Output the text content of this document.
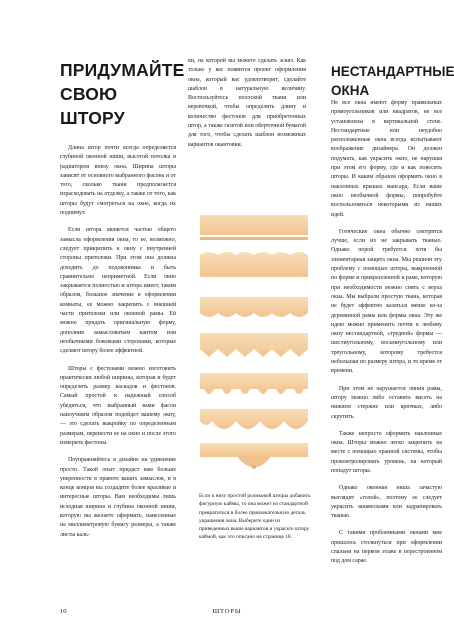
ПРИДУМАЙТЕ
СВОЮ
ШТОРУ

Длина штор почти всегда определяется глубиной оконной ниши, высотой потолка и радиатором внизу окна. Ширина шторы зависит от основного выбранного фасона и от того, сколько ткани предполагается израсходовать на отделку, а также от того, как шторы будут смотреться на окне, когда их поднимут.

Если штора является частью общего замысла оформления окна, то ее, возможно, следует прикрепить к окну с внутренней стороны притолоки. При этом она должна доходить до подоконника и быть сравнительно неприметной. Если окно закрывается полностью и штора имеет, таким образом, большое значение в оформлении комнаты, ее можно закрепить с внешней части притолоки или оконной рамы. Ей можно придать оригинальную форму, дополнив замысловатым кантом или необычными боковыми сторонами, которые сделают штору более эффектной.

Шторы с фестонами можно изготовить практически любой ширины, которая и будет определять размер каскадов и фестонов. Самый простой и надежный способ убедиться, что выбранный вами фасон наилучшим образом подойдет вашему окну, — это сделать выкройку по определенным размерам, перенести ее на окно и после этого измерить фестоны.

Поупражняйтесь в дизайне на удивление просто. Такой опыт придаст вам больше уверенности в правоте ваших замыслов, и в конце концов вы создадите более красивые и интересные шторы. Вам необходимы лишь исходная ширина и глубина оконной ниши, которую вы желаете оформить, нанесенные на миллиметровую бумагу размеры, а также листы каль-

ки, на которой вы можете сделать эскиз. Как только у вас появится проект оформления окна, который вас удовлетворит, сделайте шаблон в натуральную величину. Воспользуйтесь полоской ткани или веревочкой, чтобы определить длину и количество фестонов для приобретенных штор, а также газетой или оберточной бумагой для того, чтобы сделать шаблон возможных вариантов окантовки.

Если к низу простой роликовой шторы добавить фигурную каймы, то она может из стандартной превратиться в более привлекательную деталь украшения окна. Выберите один из приведенных выше вариантов и украсьте штору каймой, как это описано на странице 18.
НЕСТАНДАРТНЫЕ
ОКНА

Не все окна имеют форму правильных прямоугольников или квадратов, не все установлены в вертикальной стене. Нестандартные или неудобно расположенные окна всегда испытывают воображение дизайнера. Он должен подумать, как украсить окно, не нарушая при этом его форму, где и как повесить шторы. И каким образом оформить окно в наклонных крышах мансард. Если ваше окно необычной формы, попробуйте воспользоваться некоторыми из наших идей.

Готические окна обычно смотрятся лучше, если их не закрывать тканью. Однако порой требуется хотя бы элементарная защита окна. Мы решили эту проблему с помощью шторы, выкроенной по форме и прикрепленной к раме, которую при необходимости можно снять с верха окна. Мы выбрали простую ткань, которая не будет эффектно казаться менее из-за деревянной рамы или формы окна. Эту же идею можно применить почти к любому окну нестандартной, «трудной» формы — шестиугольному, восьмиугольному или треугольному, которому требуется небольшая по размеру штора, и то время от времени.

При этом не нарушается линия рамы, штору можно либо оставить висеть на нижнем стержне или крючках, либо скрутить.

Также непросто оформить наклонные окна. Шторы можно легко закрепить на месте с помощью хранной системы, чтобы проконтролировать уровень, на который попадут шторы.

Однако оконная ниша зачастую выглядит «голой», поэтому ее следует украсить занавесками или задрапировать тканью.

С такими проблемными окнами мне пришлось столкнуться при оформлении спальни на первом этаже в перестроенном под дом сарае.

10	ШТОРЫ
